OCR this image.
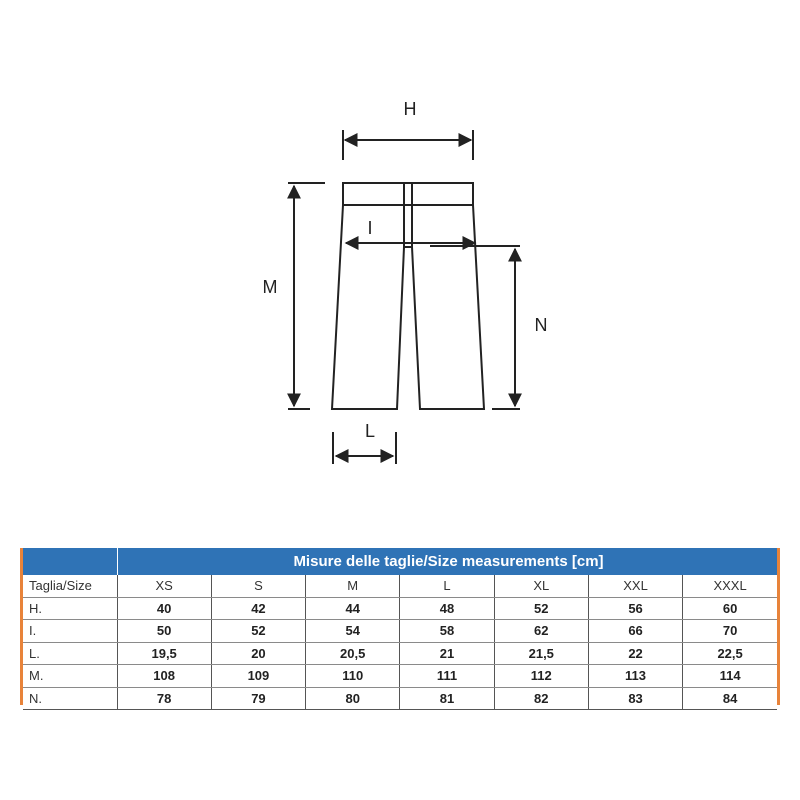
H
M
I
N
L
Misure delle taglie/Size measurements [cm]
Taglia/Size	XS	S	M	L	XL	XXL	XXXL
H.	40	42	44	48	52	56	60
I.	50	52	54	58	62	66	70
L.	19,5	20	20,5	21	21,5	22	22,5
M.	108	109	110	111	112	113	114
N.	78	79	80	81	82	83	84
